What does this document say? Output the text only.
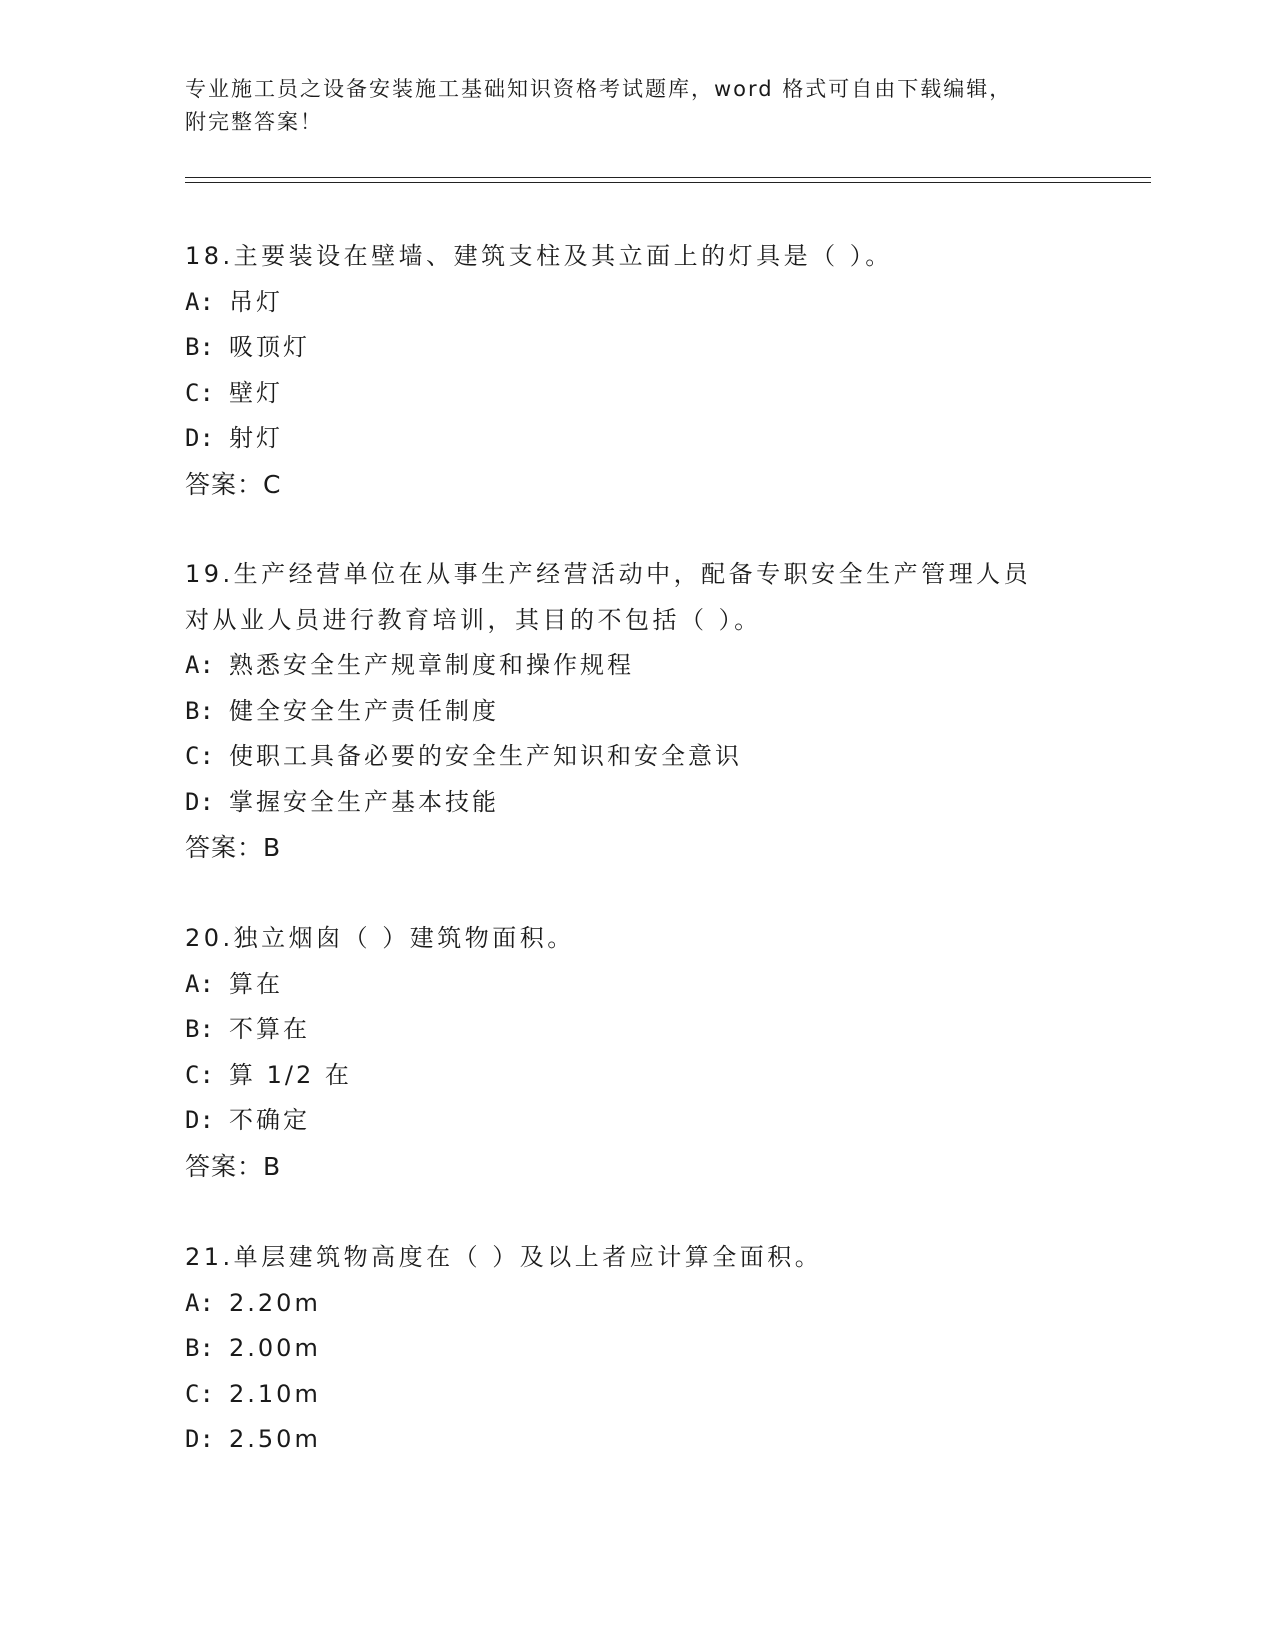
专业施工员之设备安装施工基础知识资格考试题库，word 格式可自由下载编辑，
附完整答案！
18.主要装设在壁墙、建筑支柱及其立面上的灯具是（ ）。
A: 吊灯
B: 吸顶灯
C: 壁灯
D: 射灯
答案：C
19.生产经营单位在从事生产经营活动中，配备专职安全生产管理人员
对从业人员进行教育培训，其目的不包括（ ）。
A: 熟悉安全生产规章制度和操作规程
B: 健全安全生产责任制度
C: 使职工具备必要的安全生产知识和安全意识
D: 掌握安全生产基本技能
答案：B
20.独立烟囱（ ）建筑物面积。
A: 算在
B: 不算在
C: 算 1/2 在
D: 不确定
答案：B
21.单层建筑物高度在（ ）及以上者应计算全面积。
A: 2.20m
B: 2.00m
C: 2.10m
D: 2.50m
